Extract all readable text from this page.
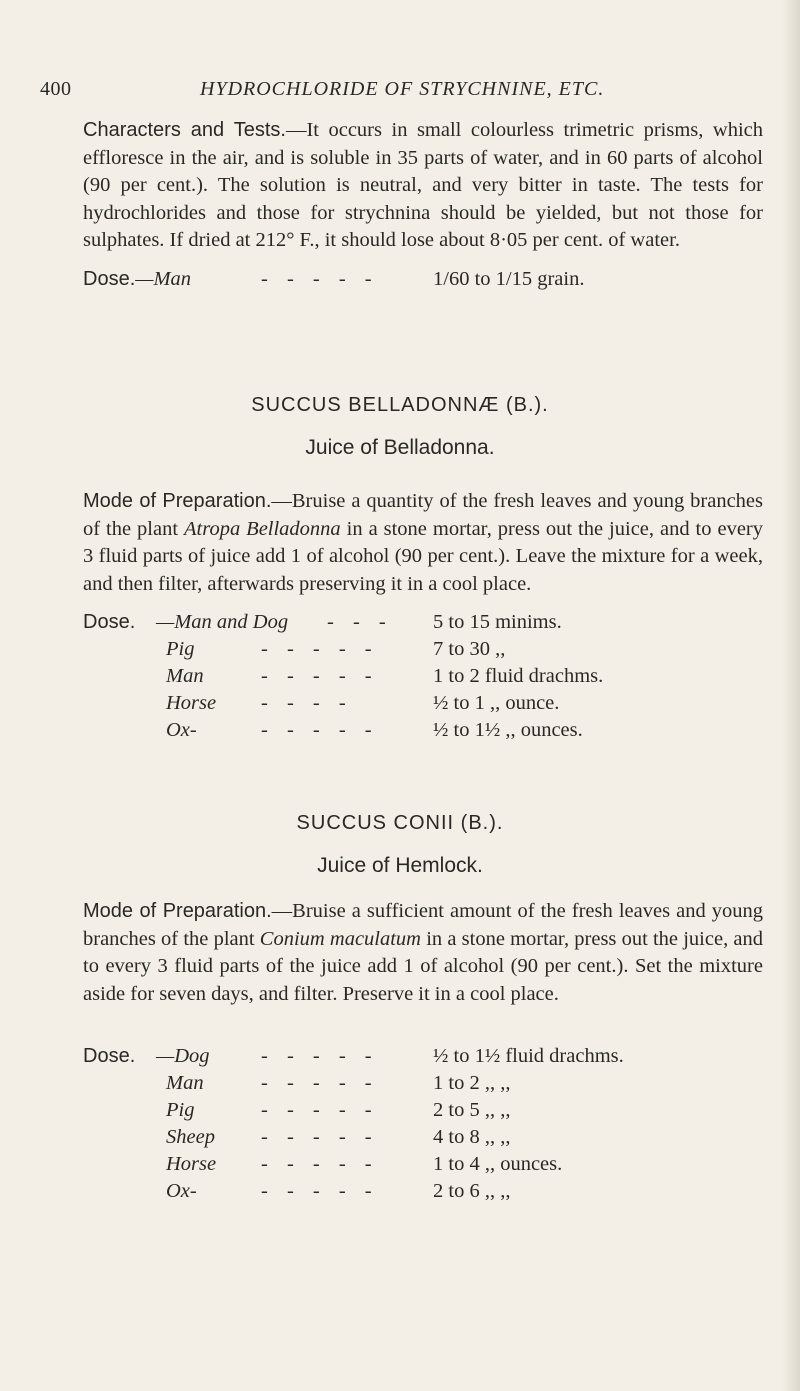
400	HYDROCHLORIDE OF STRYCHNINE, ETC.
Characters and Tests.—It occurs in small colourless trimetric prisms, which effloresce in the air, and is soluble in 35 parts of water, and in 60 parts of alcohol (90 per cent.). The solution is neutral, and very bitter in taste. The tests for hydrochlorides and those for strychnina should be yielded, but not those for sulphates. If dried at 212° F., it should lose about 8·05 per cent. of water.
Dose.—Man	- - - - -	1/60 to 1/15 grain.
SUCCUS BELLADONNÆ (B.).
Juice of Belladonna.
Mode of Preparation.—Bruise a quantity of the fresh leaves and young branches of the plant Atropa Belladonna in a stone mortar, press out the juice, and to every 3 fluid parts of juice add 1 of alcohol (90 per cent.). Leave the mixture for a week, and then filter, afterwards preserving it in a cool place.
Dose. —Man and Dog - - - 5 to 15 minims.
Pig	- - - - -	7 to 30 ,,
Man	- - - - -	1 to 2 fluid drachms.
Horse - - - -	½ to 1 ,, ounce.
Ox-	- - - - -	½ to 1½ ,, ounces.
SUCCUS CONII (B.).
Juice of Hemlock.
Mode of Preparation.—Bruise a sufficient amount of the fresh leaves and young branches of the plant Conium maculatum in a stone mortar, press out the juice, and to every 3 fluid parts of the juice add 1 of alcohol (90 per cent.). Set the mixture aside for seven days, and filter. Preserve it in a cool place.
Dose. —Dog	- - - - -	½ to 1½ fluid drachms.
Man	- - - - -	1 to 2 ,, ,,
Pig	- - - - -	2 to 5 ,, ,,
Sheep - - - - -	4 to 8 ,, ,,
Horse - - - - -	1 to 4 ,, ounces.
Ox-	- - - - -	2 to 6 ,, ,,
